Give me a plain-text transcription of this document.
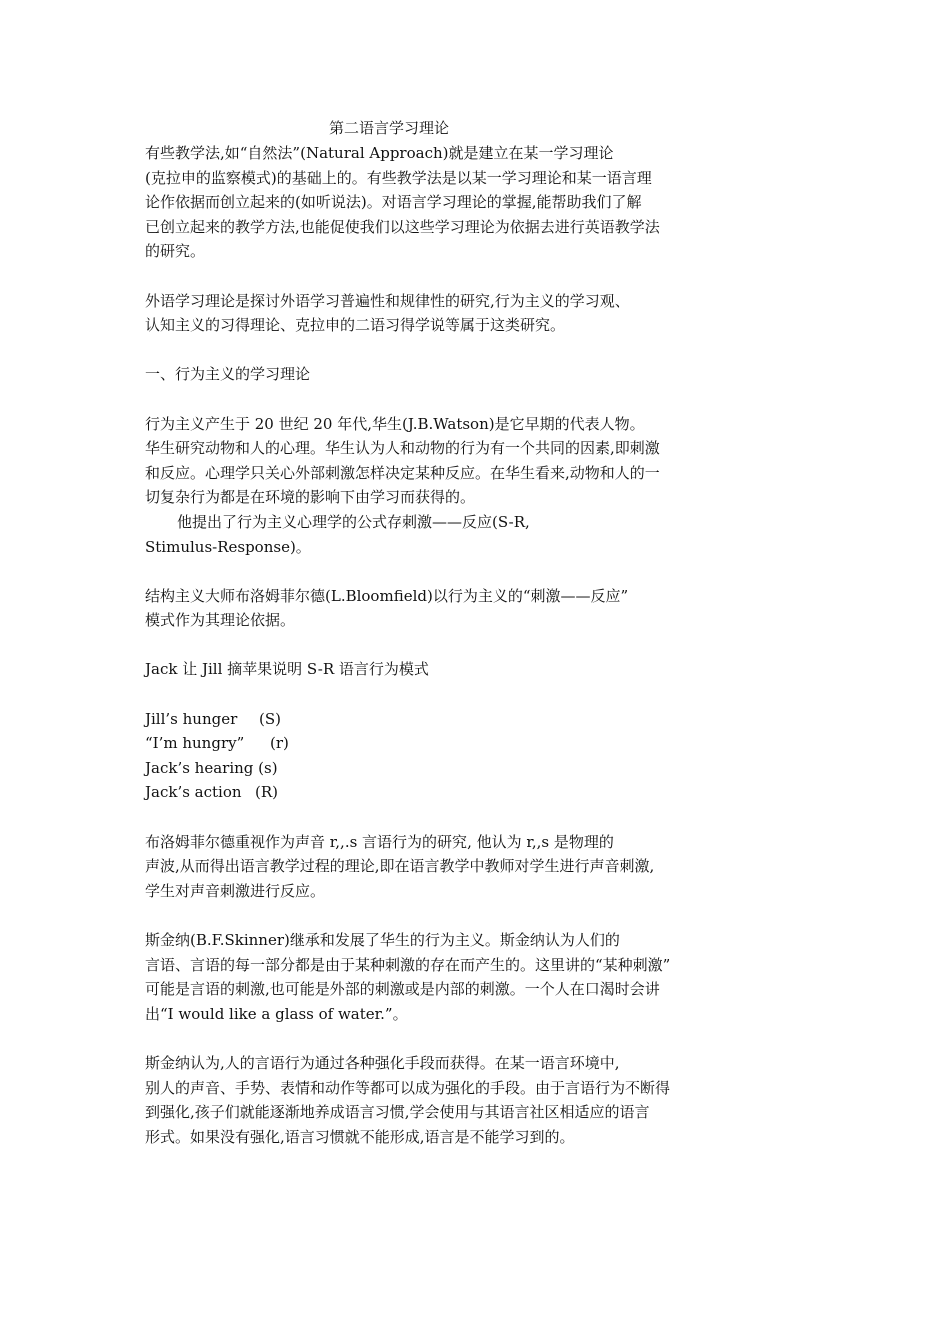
第二语言学习理论
有些教学法,如“自然法”(Natural Approach)就是建立在某一学习理论
(克拉申的监察模式)的基础上的。有些教学法是以某一学习理论和某一语言理
论作依据而创立起来的(如听说法)。对语言学习理论的掌握,能帮助我们了解
已创立起来的教学方法,也能促使我们以这些学习理论为依据去进行英语教学法
的研究。
外语学习理论是探讨外语学习普遍性和规律性的研究,行为主义的学习观、
认知主义的习得理论、克拉申的二语习得学说等属于这类研究。
一、行为主义的学习理论
行为主义产生于 20 世纪 20 年代,华生(J.B.Watson)是它早期的代表人物。
华生研究动物和人的心理。华生认为人和动物的行为有一个共同的因素,即刺激
和反应。心理学只关心外部刺激怎样决定某种反应。在华生看来,动物和人的一
切复杂行为都是在环境的影响下由学习而获得的。
他提出了行为主义心理学的公式存刺激——反应(S-R,
Stimulus-Response)。
结构主义大师布洛姆菲尔德(L.Bloomfield)以行为主义的“刺激——反应”
模式作为其理论依据。
Jack 让 Jill 摘苹果说明 S-R 语言行为模式
Jill’s hunger (S)
“I’m hungry” (r)
Jack’s hearing (s)
Jack’s action (R)
布洛姆菲尔德重视作为声音 r,,.s 言语行为的研究, 他认为 r,,s 是物理的
声波,从而得出语言教学过程的理论,即在语言教学中教师对学生进行声音刺激,
学生对声音刺激进行反应。
斯金纳(B.F.Skinner)继承和发展了华生的行为主义。斯金纳认为人们的
言语、言语的每一部分都是由于某种刺激的存在而产生的。这里讲的“某种刺激”
可能是言语的刺激,也可能是外部的刺激或是内部的刺激。一个人在口渴时会讲
出“I would like a glass of water.”。
斯金纳认为,人的言语行为通过各种强化手段而获得。在某一语言环境中,
别人的声音、手势、表情和动作等都可以成为强化的手段。由于言语行为不断得
到强化,孩子们就能逐渐地养成语言习惯,学会使用与其语言社区相适应的语言
形式。如果没有强化,语言习惯就不能形成,语言是不能学习到的。
